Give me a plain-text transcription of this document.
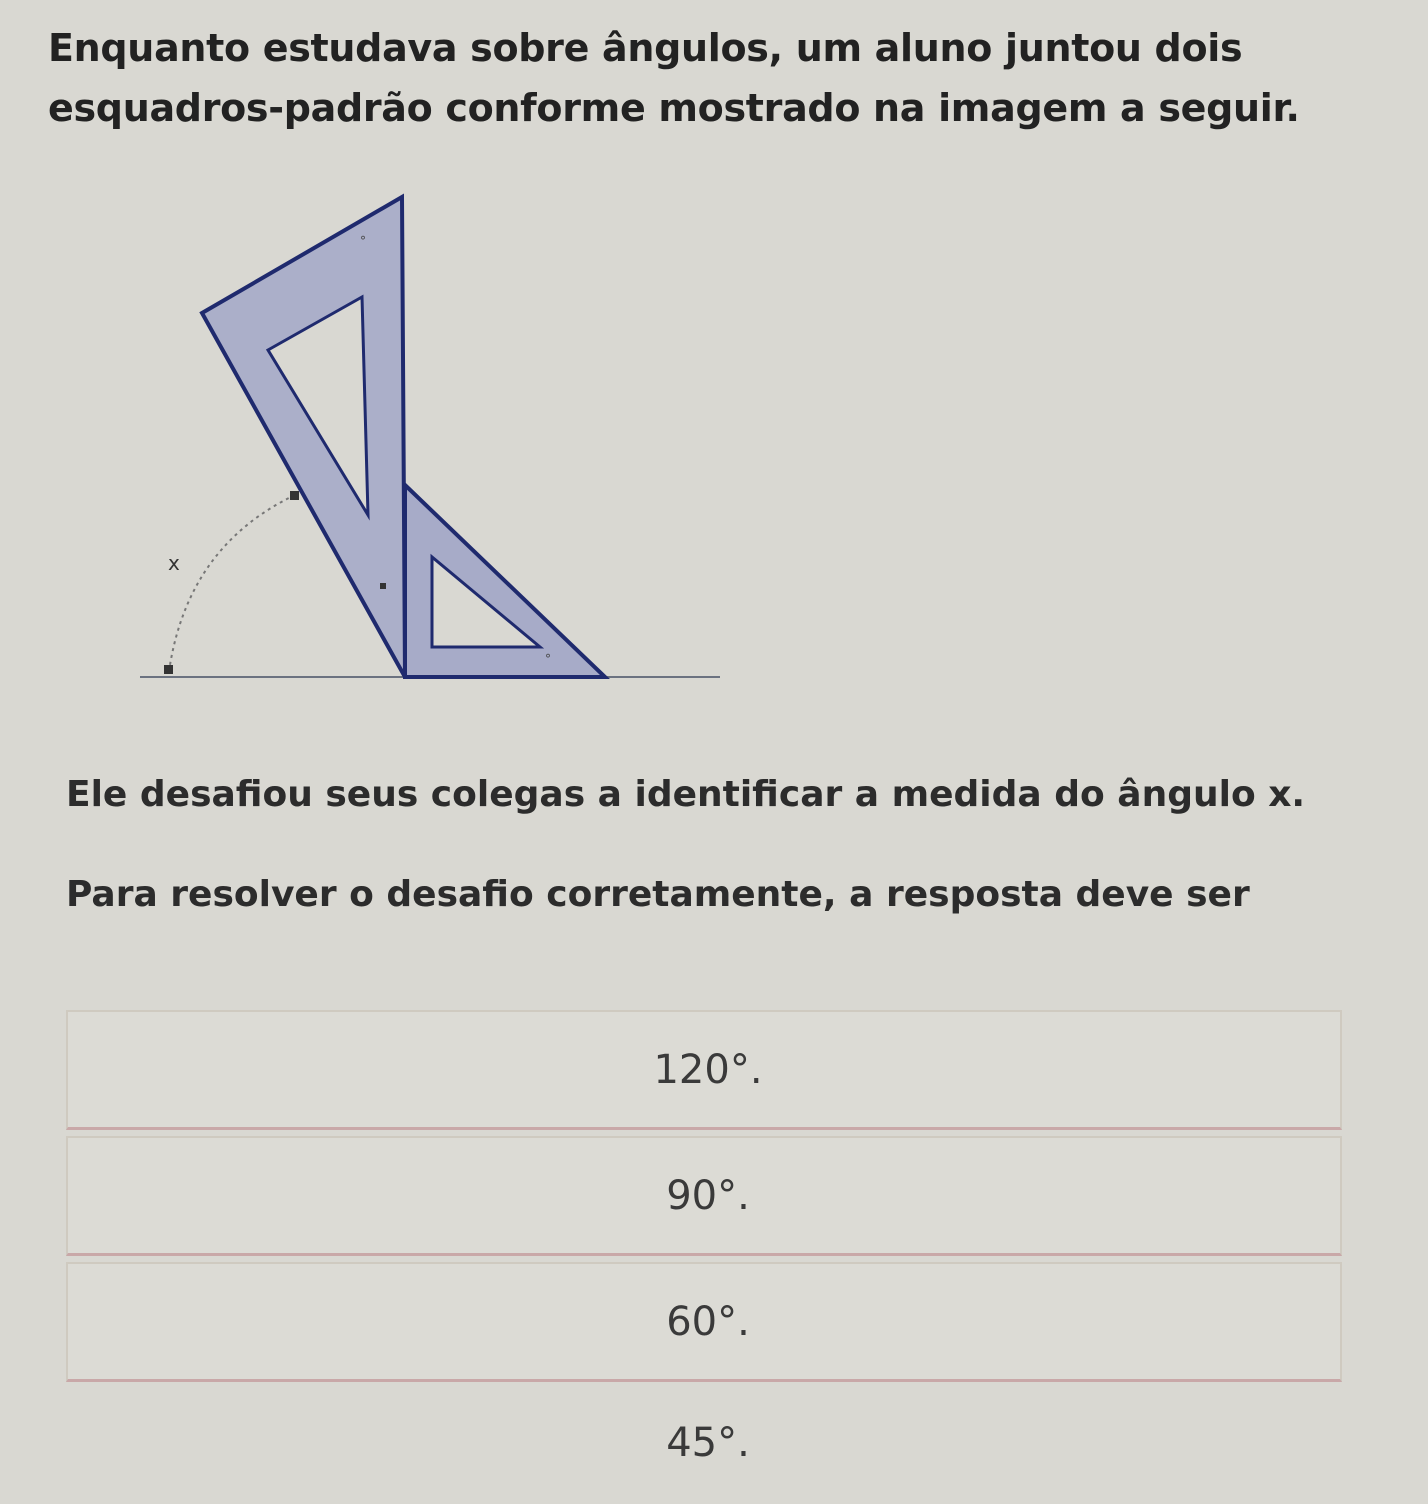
Enquanto estudava sobre ângulos, um aluno juntou dois esquadros-padrão conforme mostrado na imagem a seguir.
x
°
°
Ele desafiou seus colegas a identificar a medida do ângulo x.
Para resolver o desafio corretamente, a resposta deve ser
120°.
90°.
60°.
45°.
